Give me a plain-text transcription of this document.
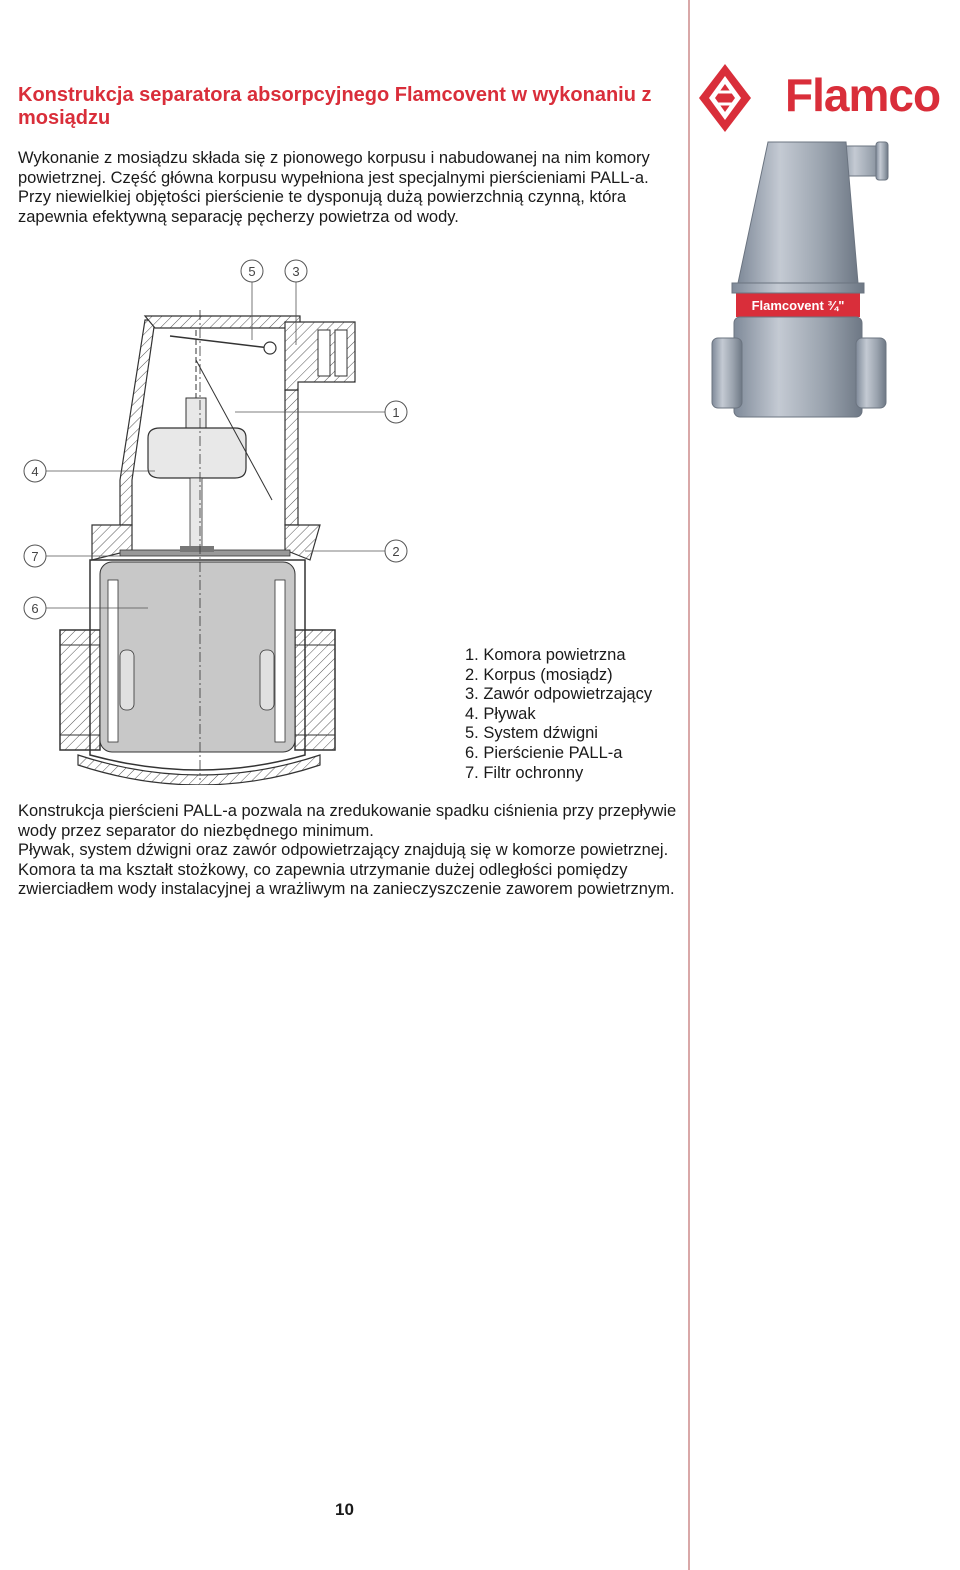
Konstrukcja separatora absorpcyjnego Flamcovent w wykonaniu z mosiądzu

Wykonanie z mosiądzu składa się z pionowego korpusu i nabudowanej na nim komory powietrznej. Część główna korpusu wypełniona jest specjalnymi pierścieniami PALL-a. Przy niewielkiej objętości pierścienie te dysponują dużą powierzchnią czynną, która zapewnia efektywną separację pęcherzy powietrza od wody.

5	3
1
4
7	2
6
1. Komora powietrzna
2. Korpus (mosiądz)
3. Zawór odpowietrzający
4. Pływak
5. System dźwigni
6. Pierścienie PALL-a
7. Filtr ochronny

Konstrukcja pierścieni PALL-a pozwala na zredukowanie spadku ciśnienia przy przepływie wody przez separator do niezbędnego minimum.

Pływak, system dźwigni oraz zawór odpowietrzający znajdują się w komorze powietrznej. Komora ta ma kształt stożkowy, co zapewnia utrzymanie dużej odległości pomiędzy zwierciadłem wody instalacyjnej a wrażliwym na zanieczyszczenie zaworem powietrznym.

Flamco
Flamcovent ¾"
10
